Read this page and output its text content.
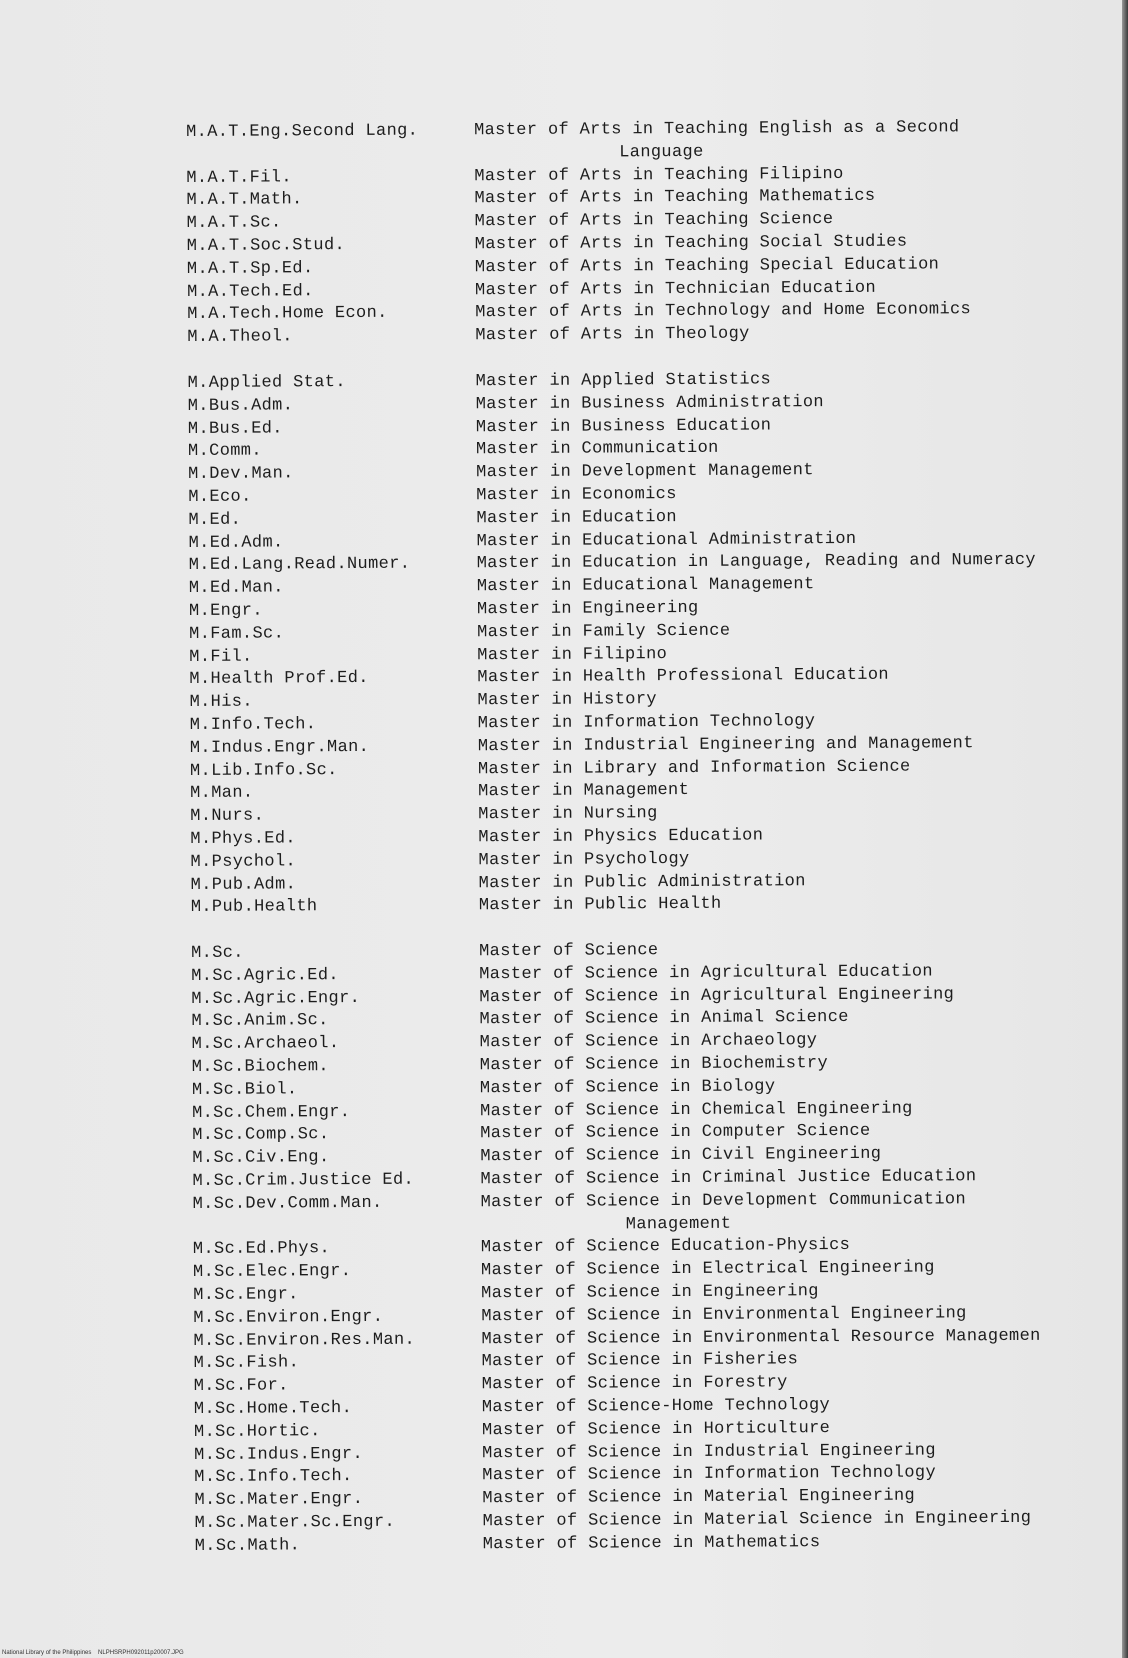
M.A.T.Eng.Second Lang.	Master of Arts in Teaching English as a Second
Language
M.A.T.Fil.	Master of Arts in Teaching Filipino
M.A.T.Math.	Master of Arts in Teaching Mathematics
M.A.T.Sc.	Master of Arts in Teaching Science
M.A.T.Soc.Stud.	Master of Arts in Teaching Social Studies
M.A.T.Sp.Ed.	Master of Arts in Teaching Special Education
M.A.Tech.Ed.	Master of Arts in Technician Education
M.A.Tech.Home Econ.	Master of Arts in Technology and Home Economics
M.A.Theol.	Master of Arts in Theology
M.Applied Stat.	Master in Applied Statistics
M.Bus.Adm.	Master in Business Administration
M.Bus.Ed.	Master in Business Education
M.Comm.	Master in Communication
M.Dev.Man.	Master in Development Management
M.Eco.	Master in Economics
M.Ed.	Master in Education
M.Ed.Adm.	Master in Educational Administration
M.Ed.Lang.Read.Numer.	Master in Education in Language, Reading and Numeracy
M.Ed.Man.	Master in Educational Management
M.Engr.	Master in Engineering
M.Fam.Sc.	Master in Family Science
M.Fil.	Master in Filipino
M.Health Prof.Ed.	Master in Health Professional Education
M.His.	Master in History
M.Info.Tech.	Master in Information Technology
M.Indus.Engr.Man.	Master in Industrial Engineering and Management
M.Lib.Info.Sc.	Master in Library and Information Science
M.Man.	Master in Management
M.Nurs.	Master in Nursing
M.Phys.Ed.	Master in Physics Education
M.Psychol.	Master in Psychology
M.Pub.Adm.	Master in Public Administration
M.Pub.Health	Master in Public Health
M.Sc.	Master of Science
M.Sc.Agric.Ed.	Master of Science in Agricultural Education
M.Sc.Agric.Engr.	Master of Science in Agricultural Engineering
M.Sc.Anim.Sc.	Master of Science in Animal Science
M.Sc.Archaeol.	Master of Science in Archaeology
M.Sc.Biochem.	Master of Science in Biochemistry
M.Sc.Biol.	Master of Science in Biology
M.Sc.Chem.Engr.	Master of Science in Chemical Engineering
M.Sc.Comp.Sc.	Master of Science in Computer Science
M.Sc.Civ.Eng.	Master of Science in Civil Engineering
M.Sc.Crim.Justice Ed.	Master of Science in Criminal Justice Education
M.Sc.Dev.Comm.Man.	Master of Science in Development Communication
Management
M.Sc.Ed.Phys.	Master of Science Education-Physics
M.Sc.Elec.Engr.	Master of Science in Electrical Engineering
M.Sc.Engr.	Master of Science in Engineering
M.Sc.Environ.Engr.	Master of Science in Environmental Engineering
M.Sc.Environ.Res.Man.	Master of Science in Environmental Resource Managemen
M.Sc.Fish.	Master of Science in Fisheries
M.Sc.For.	Master of Science in Forestry
M.Sc.Home.Tech.	Master of Science-Home Technology
M.Sc.Hortic.	Master of Science in Horticulture
M.Sc.Indus.Engr.	Master of Science in Industrial Engineering
M.Sc.Info.Tech.	Master of Science in Information Technology
M.Sc.Mater.Engr.	Master of Science in Material Engineering
M.Sc.Mater.Sc.Engr.	Master of Science in Material Science in Engineering
M.Sc.Math.	Master of Science in Mathematics
National Library of the Philippines    NLPHSRPH092011p20007.JPG
